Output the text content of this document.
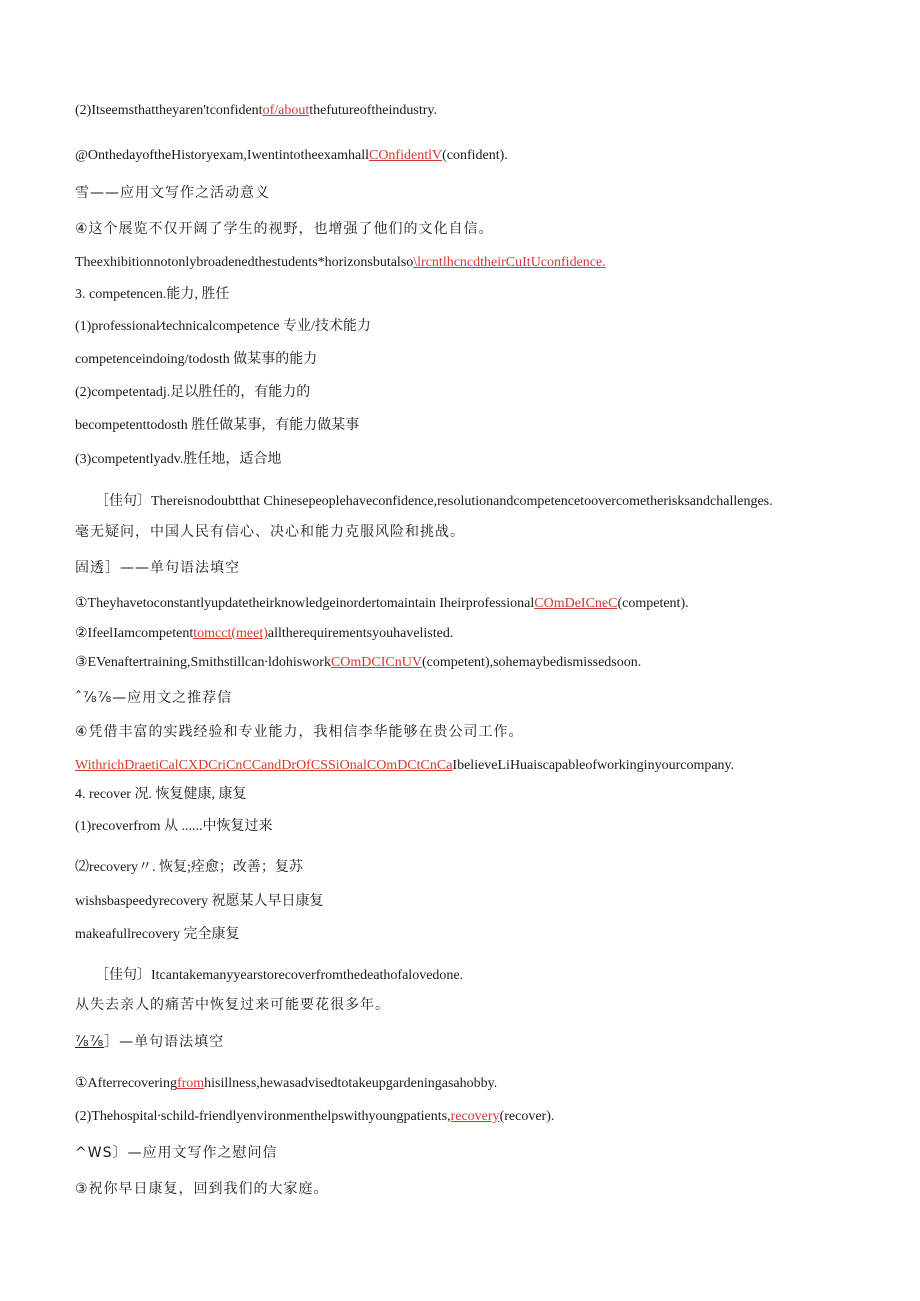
(2)Itseemsthattheyaren'tconfidentof/aboutthefutureoftheindustry.
@OnthedayoftheHistoryexam,IwentintotheexamhallCOnfidentlV(confident).
雪——应用文写作之活动意义
④这个展览不仅开阔了学生的视野，也增强了他们的文化自信。
Theexhibitionnotonlybroadenedthestudents*horizonsbutalso\lrcntlhcncdtheirCuItUconfidence.
3. competencen.能力, 胜任
(1)professional∕technicalcompetence 专业/技术能力
competenceindoing/todosth 做某事的能力
(2)competentadj.足以胜任的，有能力的
becompetenttodosth 胜任做某事，有能力做某事
(3)competentlyadv.胜任地，适合地
［佳句〕Thereisnodoubtthat Chinesepeoplehaveconfidence,resolutionandcompetencetoovercometherisksandchallenges.
毫无疑问，中国人民有信心、决心和能力克服风险和挑战。
固透］——单句语法填空
①Theyhavetoconstantlyupdatetheirknowledgeinordertomaintain IheirprofessionalCOmDeICneC(competent).
②IfeelIamcompetenttomcct(meet)alltherequirementsyouhavelisted.
③EVenaftertraining,Smithstillcan∙ldohisworkCOmDCICnUV(competent),sohemaybedismissedsoon.
ˆ⅞⅞—应用文之推荐信
④凭借丰富的实践经验和专业能力，我相信李华能够在贵公司工作。
WithrichDraetiCalCXDCriCnCCandDrOfCSSiOnalCOmDCtCnCaIbelieveLiHuaiscapableofworkinginyourcompany.
4. recover 况. 恢复健康, 康复
(1)recoverfrom 从 ......中恢复过来
⑵recovery〃. 恢复;痊愈；改善；复苏
wishsbaspeedyrecovery 祝愿某人早日康复
makeafullrecovery 完全康复
［佳句〕Itcantakemanyyearstorecoverfromthedeathofalovedone.
从失去亲人的痛苦中恢复过来可能要花很多年。
⅞⅞］—单句语法填空
①Afterrecoveringfromhisillness,hewasadvisedtotakeupgardeningasahobby.
(2)Thehospital∙schild-friendlyenvironmenthelpswithyoungpatients,recovery(recover).
^WS〕—应用文写作之慰问信
③祝你早日康复，回到我们的大家庭。
